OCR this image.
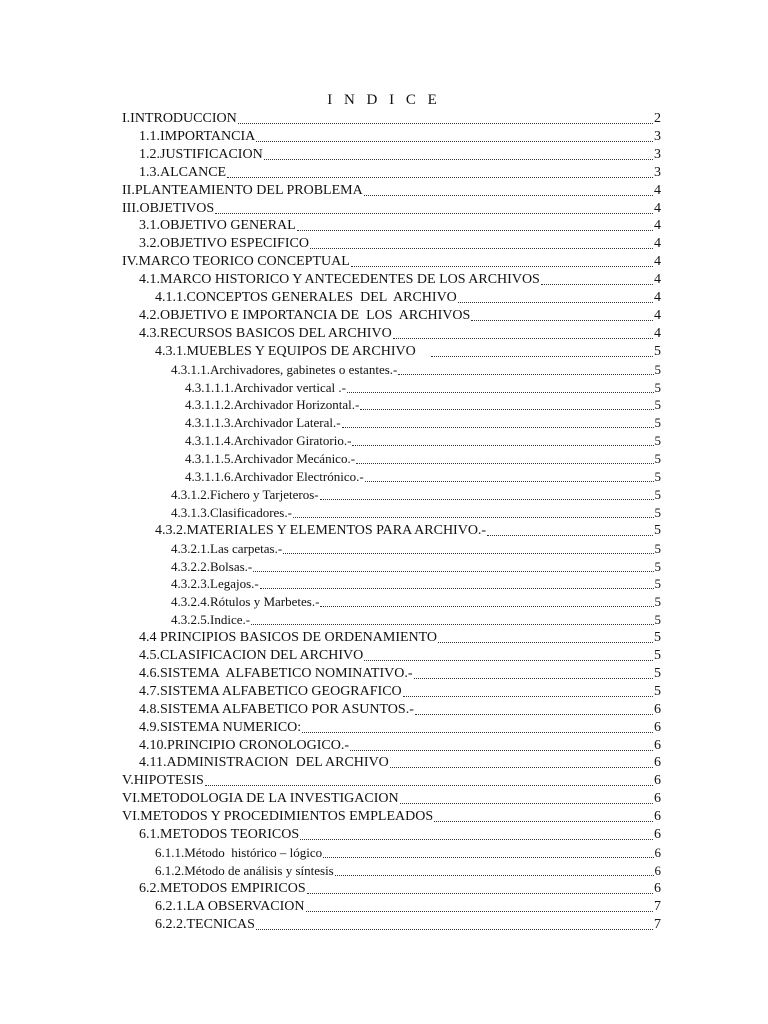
I N D I C E
I.INTRODUCCION	2
1.1.IMPORTANCIA	3
1.2.JUSTIFICACION	3
1.3.ALCANCE	3
II.PLANTEAMIENTO DEL PROBLEMA	4
III.OBJETIVOS	4
3.1.OBJETIVO GENERAL	4
3.2.OBJETIVO ESPECIFICO	4
IV.MARCO TEORICO CONCEPTUAL	4
4.1.MARCO HISTORICO Y ANTECEDENTES DE LOS ARCHIVOS	4
4.1.1.CONCEPTOS GENERALES  DEL  ARCHIVO	4
4.2.OBJETIVO E IMPORTANCIA DE  LOS  ARCHIVOS	4
4.3.RECURSOS BASICOS DEL ARCHIVO	4
4.3.1.MUEBLES Y EQUIPOS DE ARCHIVO	5
4.3.1.1.Archivadores, gabinetes o estantes.-	5
4.3.1.1.1.Archivador vertical .-	5
4.3.1.1.2.Archivador Horizontal.-	5
4.3.1.1.3.Archivador Lateral.-	5
4.3.1.1.4.Archivador Giratorio.-	5
4.3.1.1.5.Archivador Mecánico.-	5
4.3.1.1.6.Archivador Electrónico.-	5
4.3.1.2.Fichero y Tarjeteros-	5
4.3.1.3.Clasificadores.-	5
4.3.2.MATERIALES Y ELEMENTOS PARA ARCHIVO.-	5
4.3.2.1.Las carpetas.-	5
4.3.2.2.Bolsas.-	5
4.3.2.3.Legajos.-	5
4.3.2.4.Rótulos y Marbetes.-	5
4.3.2.5.Indice.-	5
4.4 PRINCIPIOS BASICOS DE ORDENAMIENTO	5
4.5.CLASIFICACION DEL ARCHIVO	5
4.6.SISTEMA  ALFABETICO NOMINATIVO.-	5
4.7.SISTEMA ALFABETICO GEOGRAFICO	5
4.8.SISTEMA ALFABETICO POR ASUNTOS.-	6
4.9.SISTEMA NUMERICO:	6
4.10.PRINCIPIO CRONOLOGICO.-	6
4.11.ADMINISTRACION  DEL ARCHIVO	6
V.HIPOTESIS	6
VI.METODOLOGIA DE LA INVESTIGACION	6
VI.METODOS Y PROCEDIMIENTOS EMPLEADOS	6
6.1.METODOS TEORICOS	6
6.1.1.Método  histórico – lógico	6
6.1.2.Método de análisis y síntesis	6
6.2.METODOS EMPIRICOS	6
6.2.1.LA OBSERVACION	7
6.2.2.TECNICAS	7
